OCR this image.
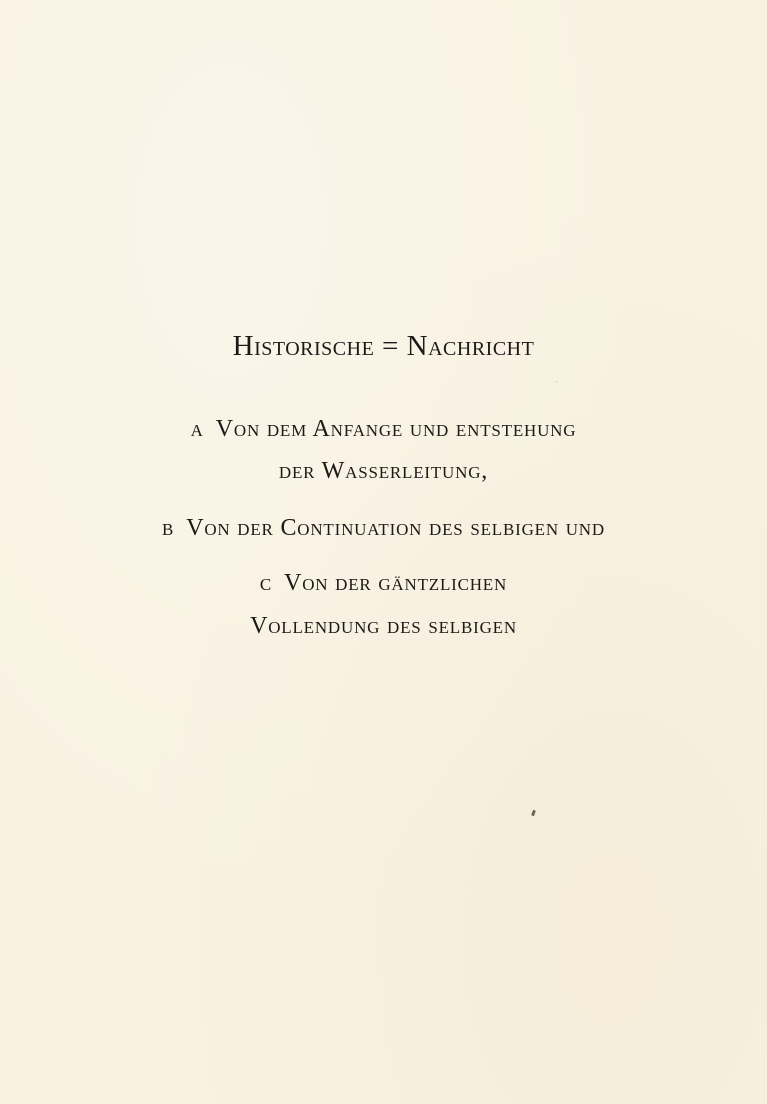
Historische = Nachricht
a Von dem Anfange und entstehung
der Wasserleitung,
b Von der Continuation des selbigen und
c Von der gäntzlichen
Vollendung des selbigen
